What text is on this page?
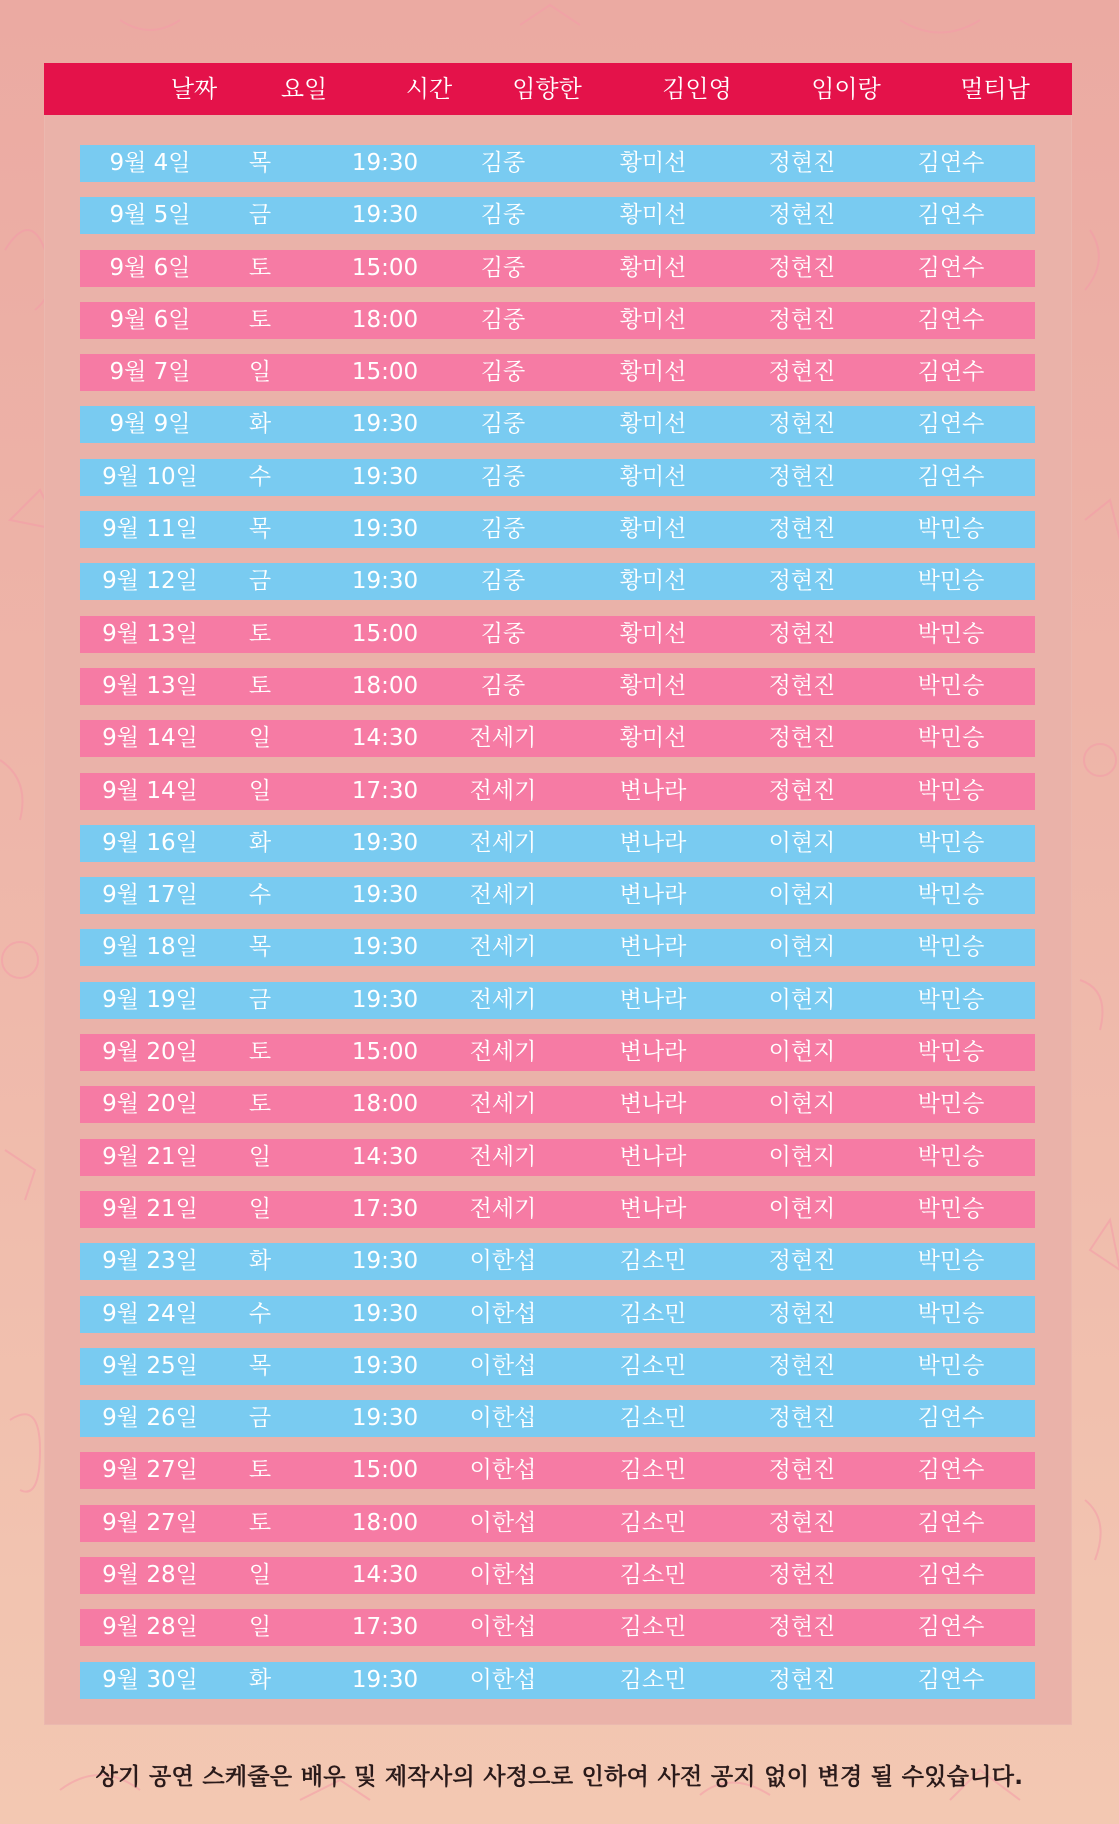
날짜	요일	시간	임향한	김인영	임이랑	멀티남
9월 4일	목	19:30	김중	황미선	정현진	김연수
9월 5일	금	19:30	김중	황미선	정현진	김연수
9월 6일	토	15:00	김중	황미선	정현진	김연수
9월 6일	토	18:00	김중	황미선	정현진	김연수
9월 7일	일	15:00	김중	황미선	정현진	김연수
9월 9일	화	19:30	김중	황미선	정현진	김연수
9월 10일 수	19:30	김중	황미선	정현진	김연수
9월 11일 목	19:30	김중	황미선	정현진	박민승
9월 12일 금	19:30	김중	황미선	정현진	박민승
9월 13일 토	15:00	김중	황미선	정현진	박민승
9월 13일 토	18:00	김중	황미선	정현진	박민승
9월 14일 일	14:30 전세기	황미선	정현진	박민승
9월 14일 일	17:30 전세기	변나라	정현진	박민승
9월 16일 화	19:30 전세기	변나라	이현지	박민승
9월 17일 수	19:30 전세기	변나라	이현지	박민승
9월 18일 목	19:30 전세기	변나라	이현지	박민승
9월 19일 금	19:30 전세기	변나라	이현지	박민승
9월 20일 토	15:00 전세기	변나라	이현지	박민승
9월 20일 토	18:00 전세기	변나라	이현지	박민승
9월 21일 일	14:30 전세기	변나라	이현지	박민승
9월 21일 일	17:30 전세기	변나라	이현지	박민승
9월 23일 화	19:30 이한섭	김소민	정현진	박민승
9월 24일 수	19:30 이한섭	김소민	정현진	박민승
9월 25일 목	19:30 이한섭	김소민	정현진	박민승
9월 26일 금	19:30 이한섭	김소민	정현진	김연수
9월 27일 토	15:00 이한섭	김소민	정현진	김연수
9월 27일 토	18:00 이한섭	김소민	정현진	김연수
9월 28일 일	14:30 이한섭	김소민	정현진	김연수
9월 28일 일	17:30 이한섭	김소민	정현진	김연수
9월 30일 화	19:30 이한섭	김소민	정현진	김연수
상기 공연 스케줄은 배우 및 제작사의 사정으로 인하여 사전 공지 없이 변경 될 수있습니다.
